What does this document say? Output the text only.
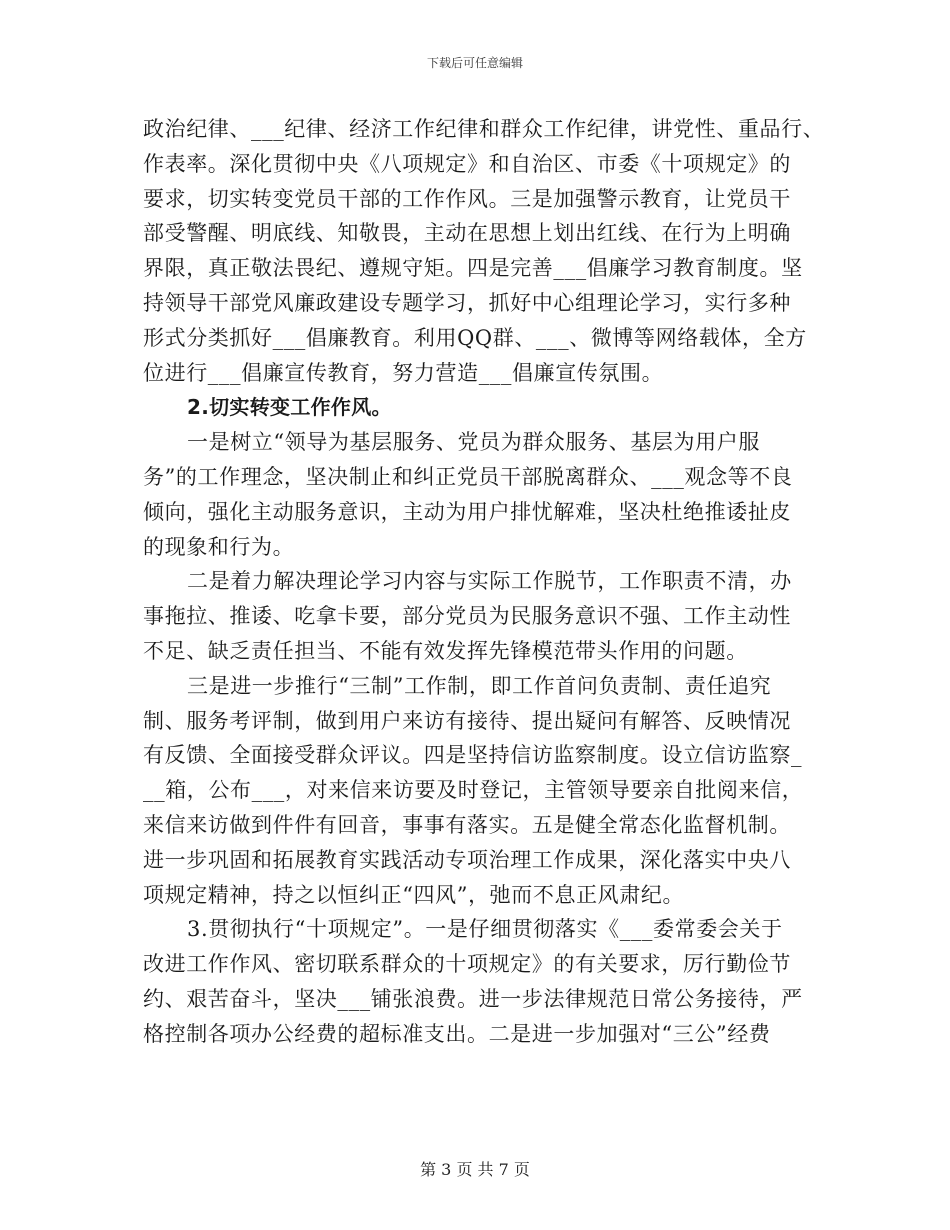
下载后可任意编辑
政治纪律、___纪律、经济工作纪律和群众工作纪律，讲党性、重品行、
作表率。深化贯彻中央《八项规定》和自治区、市委《十项规定》的
要求，切实转变党员干部的工作作风。三是加强警示教育，让党员干
部受警醒、明底线、知敬畏，主动在思想上划出红线、在行为上明确
界限，真正敬法畏纪、遵规守矩。四是完善___倡廉学习教育制度。坚
持领导干部党风廉政建设专题学习，抓好中心组理论学习，实行多种
形式分类抓好___倡廉教育。利用QQ群、___、微博等网络载体，全方
位进行___倡廉宣传教育，努力营造___倡廉宣传氛围。
2.切实转变工作作风。
一是树立“领导为基层服务、党员为群众服务、基层为用户服
务”的工作理念，坚决制止和纠正党员干部脱离群众、___观念等不良
倾向，强化主动服务意识，主动为用户排忧解难，坚决杜绝推诿扯皮
的现象和行为。
二是着力解决理论学习内容与实际工作脱节，工作职责不清，办
事拖拉、推诿、吃拿卡要，部分党员为民服务意识不强、工作主动性
不足、缺乏责任担当、不能有效发挥先锋模范带头作用的问题。
三是进一步推行“三制”工作制，即工作首问负责制、责任追究
制、服务考评制，做到用户来访有接待、提出疑问有解答、反映情况
有反馈、全面接受群众评议。四是坚持信访监察制度。设立信访监察_
__箱，公布___，对来信来访要及时登记，主管领导要亲自批阅来信，
来信来访做到件件有回音，事事有落实。五是健全常态化监督机制。
进一步巩固和拓展教育实践活动专项治理工作成果，深化落实中央八
项规定精神，持之以恒纠正“四风”，弛而不息正风肃纪。
3.贯彻执行“十项规定”。一是仔细贯彻落实《___委常委会关于
改进工作作风、密切联系群众的十项规定》的有关要求，厉行勤俭节
约、艰苦奋斗，坚决___铺张浪费。进一步法律规范日常公务接待，严
格控制各项办公经费的超标准支出。二是进一步加强对“三公”经费
第 3 页 共 7 页
